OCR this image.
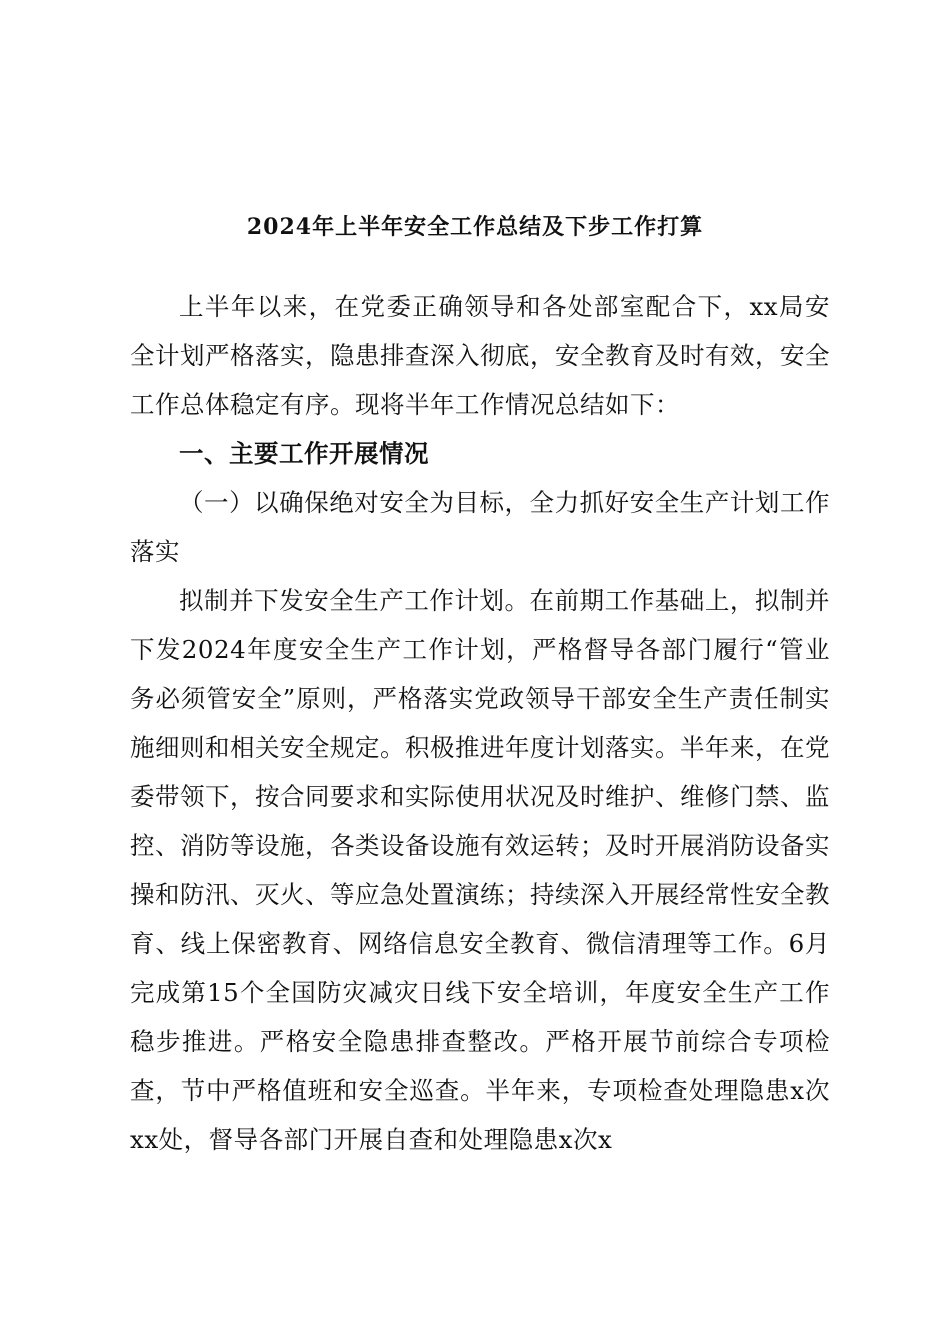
2024年上半年安全工作总结及下步工作打算

上半年以来，在党委正确领导和各处部室配合下，xx局安全计划严格落实，隐患排查深入彻底，安全教育及时有效，安全工作总体稳定有序。现将半年工作情况总结如下：

一、主要工作开展情况

（一）以确保绝对安全为目标，全力抓好安全生产计划工作落实

拟制并下发安全生产工作计划。在前期工作基础上，拟制并下发2024年度安全生产工作计划，严格督导各部门履行“管业务必须管安全”原则，严格落实党政领导干部安全生产责任制实施细则和相关安全规定。积极推进年度计划落实。半年来，在党委带领下，按合同要求和实际使用状况及时维护、维修门禁、监控、消防等设施，各类设备设施有效运转；及时开展消防设备实操和防汛、灭火、等应急处置演练；持续深入开展经常性安全教育、线上保密教育、网络信息安全教育、微信清理等工作。6月完成第15个全国防灾减灾日线下安全培训，年度安全生产工作稳步推进。严格安全隐患排查整改。严格开展节前综合专项检查，节中严格值班和安全巡查。半年来，专项检查处理隐患x次xx处，督导各部门开展自查和处理隐患x次x
